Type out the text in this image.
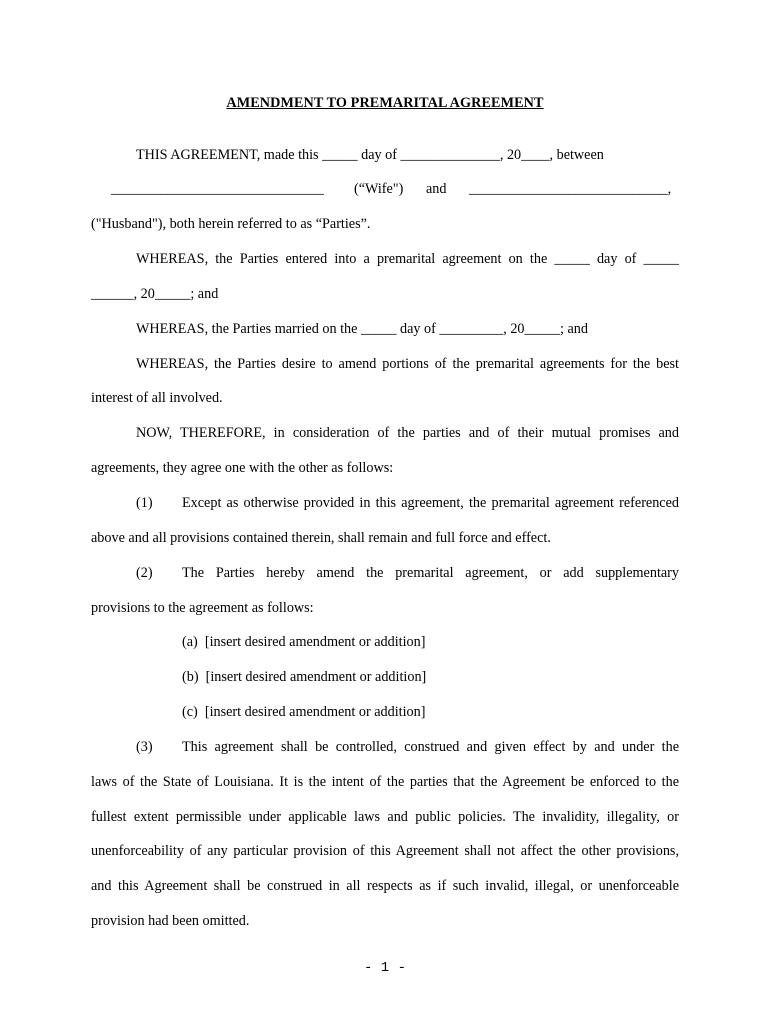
AMENDMENT TO PREMARITAL AGREEMENT
THIS AGREEMENT, made this _____ day of ______________, 20____, between
______________________________ (“Wife") and ____________________________,
("Husband"), both herein referred to as “Parties”.
WHEREAS, the Parties entered into a premarital agreement on the _____ day of _____
______, 20_____; and
WHEREAS, the Parties married on the _____ day of _________, 20_____; and
WHEREAS, the Parties desire to amend portions of the premarital agreements for the best
interest of all involved.
NOW, THEREFORE, in consideration of the parties and of their mutual promises and
agreements, they agree one with the other as follows:
(1) Except as otherwise provided in this agreement, the premarital agreement referenced
above and all provisions contained therein, shall remain and full force and effect.
(2) The Parties hereby amend the premarital agreement, or add supplementary
provisions to the agreement as follows:
(a)  [insert desired amendment or addition]
(b)  [insert desired amendment or addition]
(c)  [insert desired amendment or addition]
(3) This agreement shall be controlled, construed and given effect by and under the
laws of the State of Louisiana. It is the intent of the parties that the Agreement be enforced to the
fullest extent permissible under applicable laws and public policies. The invalidity, illegality, or
unenforceability of any particular provision of this Agreement shall not affect the other provisions,
and this Agreement shall be construed in all respects as if such invalid, illegal, or unenforceable
provision had been omitted.
- 1 -
